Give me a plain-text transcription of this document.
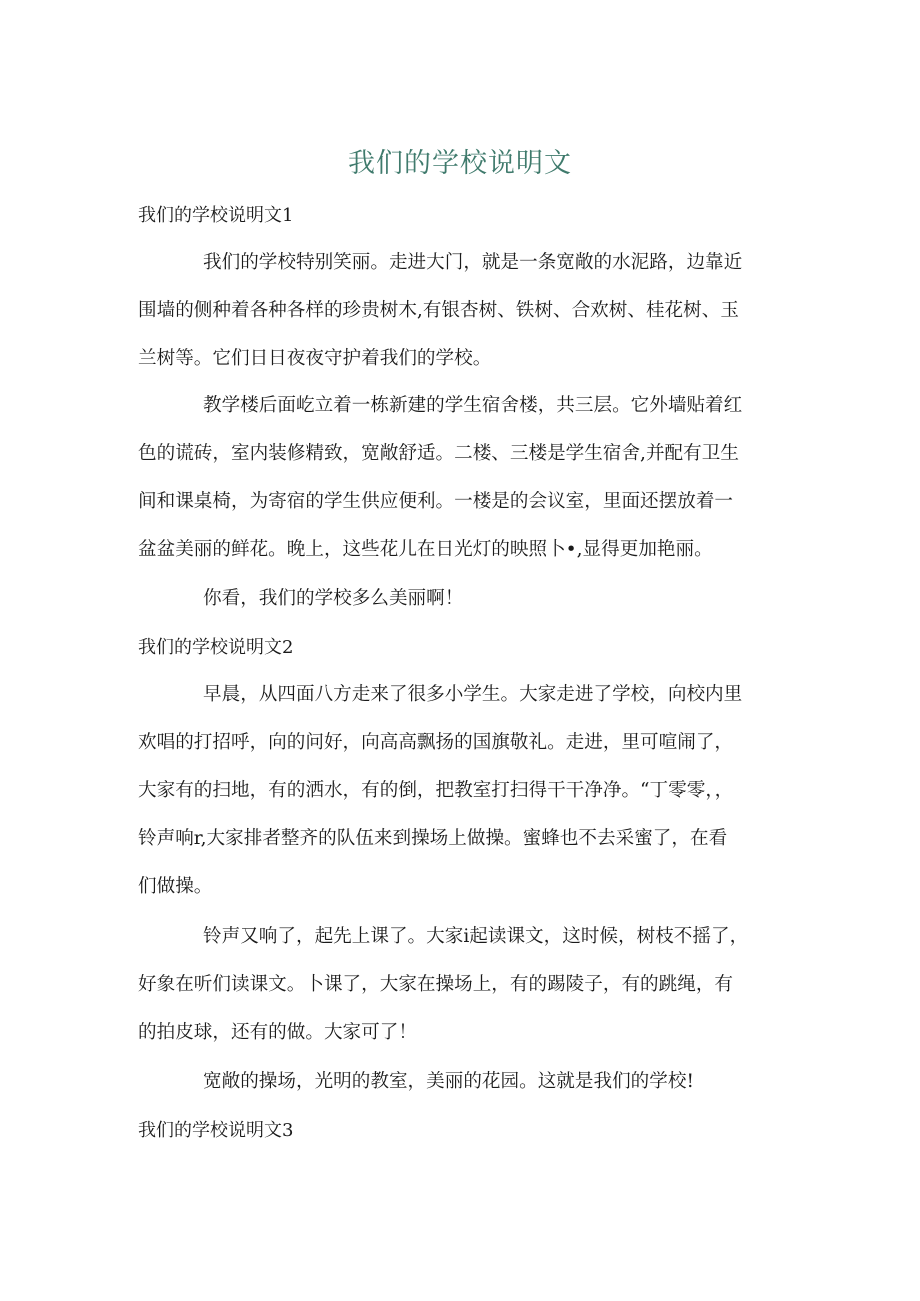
我们的学校说明文
我们的学校说明文1
我们的学校特别笑丽。走进大门，就是一条宽敞的水泥路，边靠近
围墙的侧种着各种各样的珍贵树木,有银杏树、铁树、合欢树、桂花树、玉
兰树等。它们日日夜夜守护着我们的学校。
教学楼后面屹立着一栋新建的学生宿舍楼，共三层。它外墙贴着红
色的谎砖，室内装修精致，宽敞舒适。二楼、三楼是学生宿舍,并配有卫生
间和课桌椅，为寄宿的学生供应便利。一楼是的会议室，里面还摆放着一
盆盆美丽的鲜花。晚上，这些花儿在日光灯的映照卜•,显得更加艳丽。
你看，我们的学校多么美丽啊！
我们的学校说明文2
早晨，从四面八方走来了很多小学生。大家走进了学校，向校内里
欢唱的打招呼，向的问好，向高高飘扬的国旗敬礼。走进，里可喧闹了，
大家有的扫地，有的洒水，有的倒，把教室打扫得干干净净。“丁零零，，
铃声响r,大家排者整齐的队伍来到操场上做操。蜜蜂也不去采蜜了，在看
们做操。
铃声又响了，起先上课了。大家i起读课文，这时候，树枝不摇了，
好象在听们读课文。卜课了，大家在操场上，有的踢陵子，有的跳绳，有
的拍皮球，还有的做。大家可了！
宽敞的操场，光明的教室，美丽的花园。这就是我们的学校!
我们的学校说明文3
